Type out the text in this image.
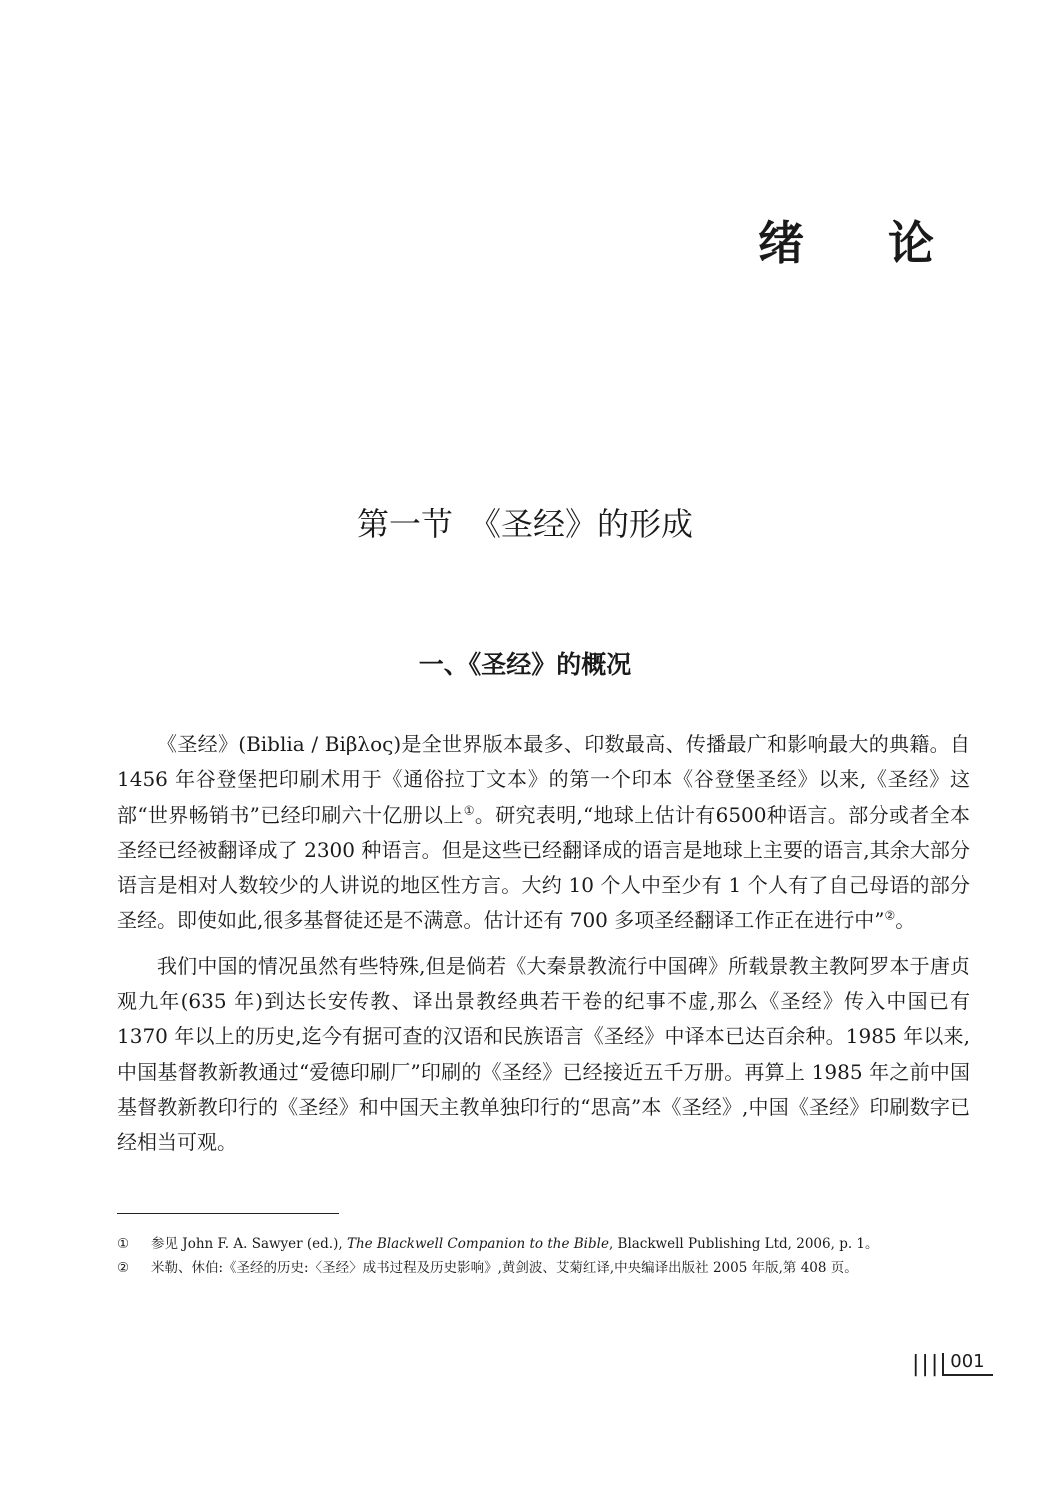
绪 论
第一节　《圣经》的形成
一、《圣经》的概况

《圣经》(Biblia / Biβλoς)是全世界版本最多、印数最高、传播最广和影响最大的典籍。自 1456 年谷登堡把印刷术用于《通俗拉丁文本》的第一个印本《谷登堡圣经》以来,《圣经》这部“世界畅销书”已经印刷六十亿册以上①。研究表明,“地球上估计有6500种语言。部分或者全本圣经已经被翻译成了 2300 种语言。但是这些已经翻译成的语言是地球上主要的语言,其余大部分语言是相对人数较少的人讲说的地区性方言。大约 10 个人中至少有 1 个人有了自己母语的部分圣经。即使如此,很多基督徒还是不满意。估计还有 700 多项圣经翻译工作正在进行中”②。

我们中国的情况虽然有些特殊,但是倘若《大秦景教流行中国碑》所载景教主教阿罗本于唐贞观九年(635 年)到达长安传教、译出景教经典若干卷的纪事不虚,那么《圣经》传入中国已有 1370 年以上的历史,迄今有据可查的汉语和民族语言《圣经》中译本已达百余种。1985 年以来,中国基督教新教通过“爱德印刷厂”印刷的《圣经》已经接近五千万册。再算上 1985 年之前中国基督教新教印行的《圣经》和中国天主教单独印行的“思高”本《圣经》,中国《圣经》印刷数字已经相当可观。

①	参见 John F. A. Sawyer (ed.), The Blackwell Companion to the Bible, Blackwell Publishing Ltd, 2006, p. 1。
②	米勒、休伯:《圣经的历史:〈圣经〉成书过程及历史影响》,黄剑波、艾菊红译,中央编译出版社 2005 年版,第 408 页。
||| 001
